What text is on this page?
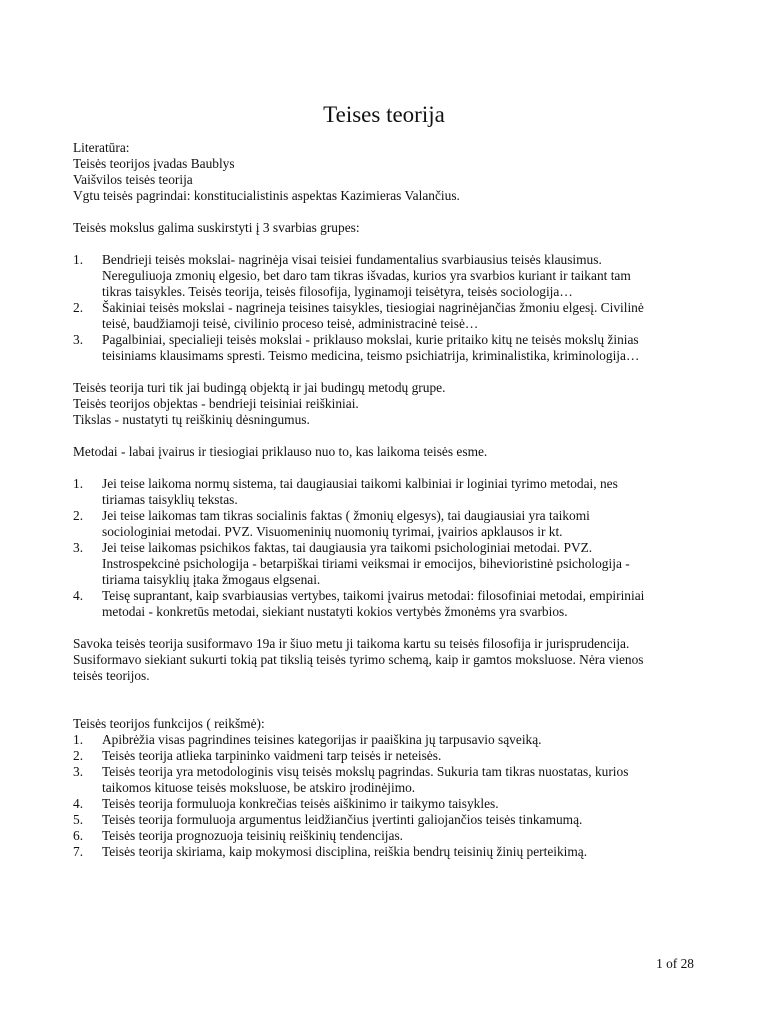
Teises teorija
Literatūra:
Teisės teorijos įvadas Baublys
Vaišvilos teisės teorija
Vgtu teisės pagrindai: konstitucialistinis aspektas Kazimieras Valančius.
Teisės mokslus galima suskirstyti į 3 svarbias grupes:
1. Bendrieji teisės mokslai- nagrinėja visai teisiei fundamentalius svarbiausius teisės klausimus.
Nereguliuoja zmonių elgesio, bet daro tam tikras išvadas, kurios yra svarbios kuriant ir taikant tam
tikras taisykles. Teisės teorija, teisės filosofija, lyginamoji teisėtyra, teisės sociologija…
2. Šakiniai teisės mokslai - nagrineja teisines taisykles, tiesiogiai nagrinėjančias žmoniu elgesį. Civilinė
teisė, baudžiamoji teisė, civilinio proceso teisė, administracinė teisė…
3. Pagalbiniai, specialieji teisės mokslai - priklauso mokslai, kurie pritaiko kitų ne teisės mokslų žinias
teisiniams klausimams spresti. Teismo medicina, teismo psichiatrija, kriminalistika, kriminologija…
Teisės teorija turi tik jai budingą objektą ir jai budingų metodų grupe.
Teisės teorijos objektas - bendrieji teisiniai reiškiniai.
Tikslas - nustatyti tų reiškinių dėsningumus.
Metodai - labai įvairus ir tiesiogiai priklauso nuo to, kas laikoma teisės esme.
1. Jei teise laikoma normų sistema, tai daugiausiai taikomi kalbiniai ir loginiai tyrimo metodai, nes
tiriamas taisyklių tekstas.
2. Jei teise laikomas tam tikras socialinis faktas ( žmonių elgesys), tai daugiausiai yra taikomi
sociologiniai metodai. PVZ. Visuomeninių nuomonių tyrimai, įvairios apklausos ir kt.
3. Jei teise laikomas psichikos faktas, tai daugiausia yra taikomi psichologiniai metodai. PVZ.
Instrospekcinė psichologija - betarpiškai tiriami veiksmai ir emocijos, bihevioristinė psichologija -
tiriama taisyklių įtaka žmogaus elgsenai.
4. Teisę suprantant, kaip svarbiausias vertybes, taikomi įvairus metodai: filosofiniai metodai, empiriniai
metodai - konkretūs metodai, siekiant nustatyti kokios vertybės žmonėms yra svarbios.
Savoka teisės teorija susiformavo 19a ir šiuo metu ji taikoma kartu su teisės filosofija ir jurisprudencija.
Susiformavo siekiant sukurti tokią pat tikslią teisės tyrimo schemą, kaip ir gamtos moksluose. Nėra vienos
teisės teorijos.
Teisės teorijos funkcijos ( reikšmė):
1. Apibrėžia visas pagrindines teisines kategorijas ir paaiškina jų tarpusavio sąveiką.
2. Teisės teorija atlieka tarpininko vaidmeni tarp teisės ir neteisės.
3. Teisės teorija yra metodologinis visų teisės mokslų pagrindas. Sukuria tam tikras nuostatas, kurios
taikomos kituose teisės moksluose, be atskiro įrodinėjimo.
4. Teisės teorija formuluoja konkrečias teisės aiškinimo ir taikymo taisykles.
5. Teisės teorija formuluoja argumentus leidžiančius įvertinti galiojančios teisės tinkamumą.
6. Teisės teorija prognozuoja teisinių reiškinių tendencijas.
7. Teisės teorija skiriama, kaip mokymosi disciplina, reiškia bendrų teisinių žinių perteikimą.
1 of 28
